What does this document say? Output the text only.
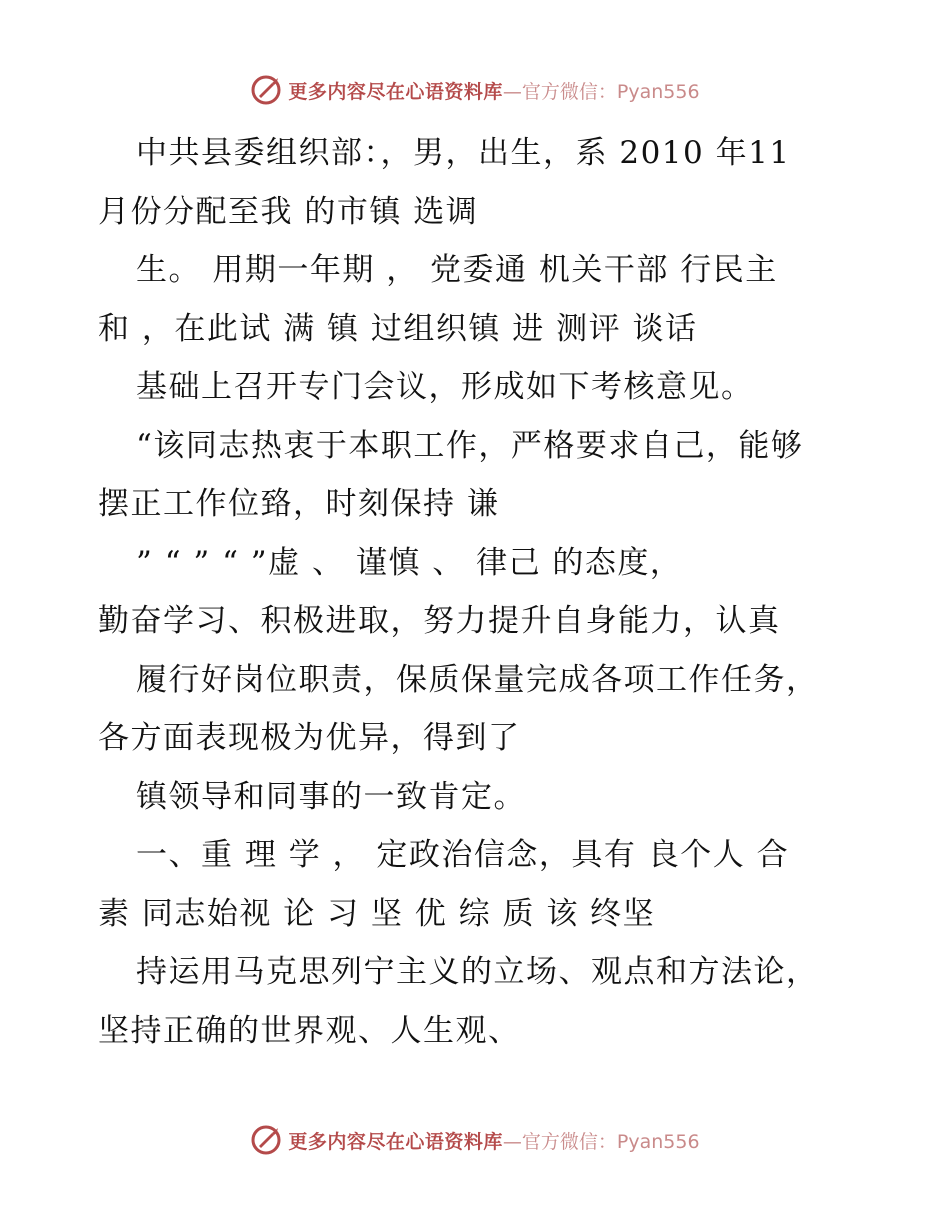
更多内容尽在心语资料库 —官方微信：Pyan556
中共县委组织部：，男，出生，系 2010 年11
月份分配至我 的市镇 选调
生。 用期一年期 ， 党委通 机关干部 行民主
和 ，在此试 满 镇 过组织镇 进 测评 谈话
基础上召开专门会议，形成如下考核意见。
“该同志热衷于本职工作，严格要求自己，能够
摆正工作位臵，时刻保持 谦
” “ ” “ ”虚 、 谨慎 、 律己 的态度，
勤奋学习、积极进取，努力提升自身能力，认真
履行好岗位职责，保质保量完成各项工作任务，
各方面表现极为优异，得到了
镇领导和同事的一致肯定。
一、重 理 学 ， 定政治信念，具有 良个人 合
素 同志始视 论 习 坚 优 综 质 该 终坚
持运用马克思列宁主义的立场、观点和方法论，
坚持正确的世界观、人生观、
更多内容尽在心语资料库 —官方微信：Pyan556
